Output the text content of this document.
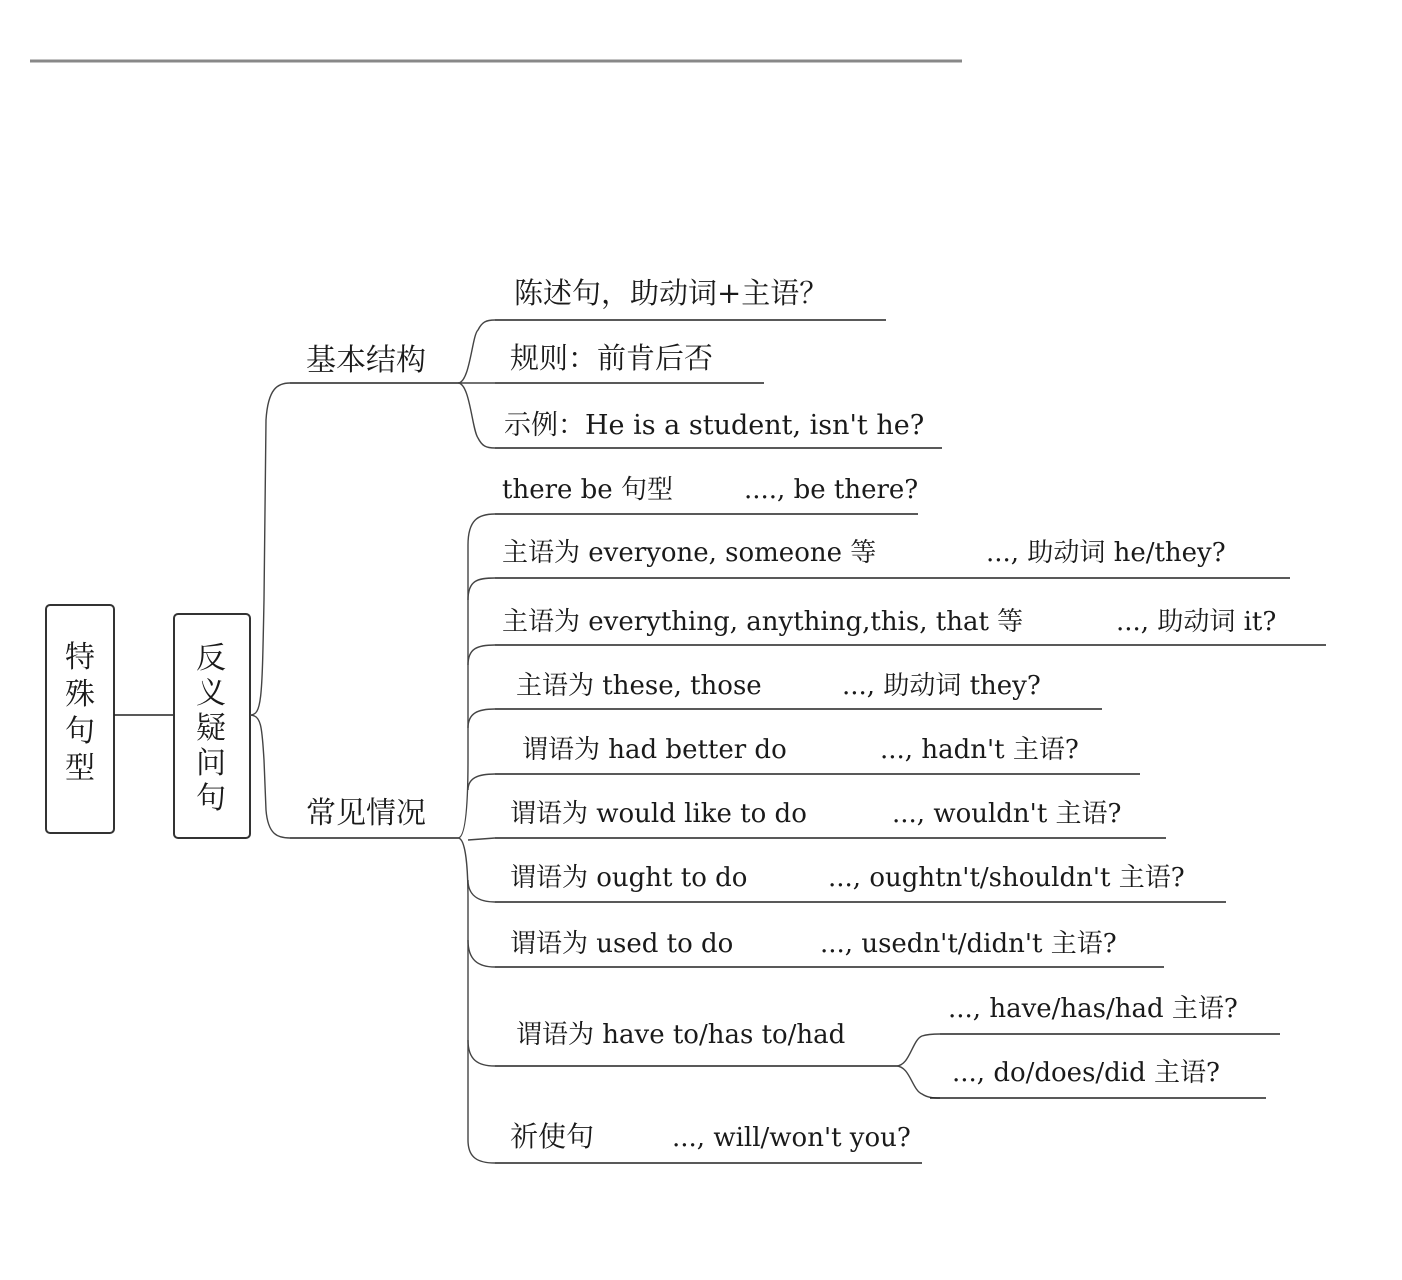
特
殊
句
型
反
义
疑
问
句
基本结构
陈述句，助动词+主语？
规则：前肯后否
示例：He is a student, isn't he?
常见情况
there be 句型	...., be there?
主语为 everyone, someone 等	..., 助动词 he/they?
主语为 everything, anything,this, that 等	..., 助动词 it?
主语为 these, those	..., 助动词 they?
谓语为 had better do	..., hadn't 主语?
谓语为 would like to do	..., wouldn't 主语?
谓语为 ought to do	..., oughtn't/shouldn't 主语?
谓语为 used to do	..., usedn't/didn't 主语?
谓语为 have to/has to/had
..., have/has/had 主语?
..., do/does/did 主语?
祈使句	..., will/won't you?
